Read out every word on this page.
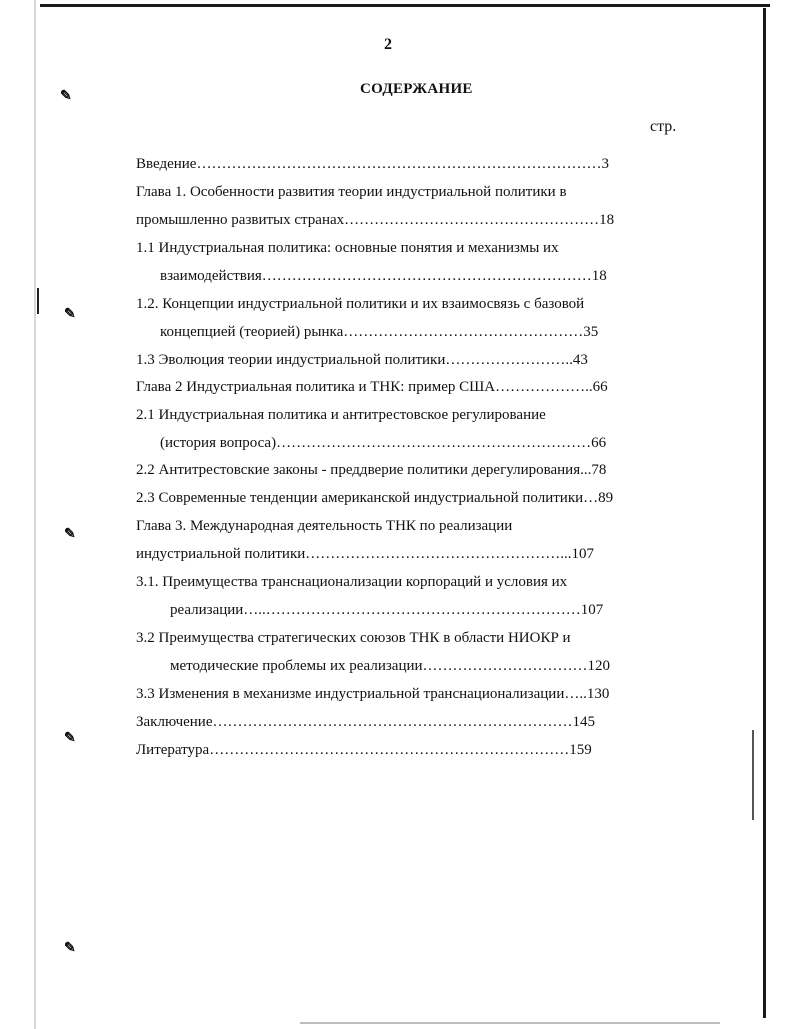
✎
✎
✎
✎
✎
2
СОДЕРЖАНИЕ
стр.
Введение………………………………………………………………………3
Глава 1. Особенности развития теории индустриальной политики в
промышленно развитых странах……………………………………………18
1.1 Индустриальная политика: основные понятия и механизмы их
взаимодействия…………………………………………………………18
1.2. Концепции индустриальной политики и их взаимосвязь с базовой
концепцией (теорией) рынка…………………………………………35
1.3 Эволюция теории индустриальной политики……………………..43
Глава 2 Индустриальная политика и ТНК: пример США………………..66
2.1 Индустриальная политика и антитрестовское регулирование
(история вопроса)………………………………………………………66
2.2 Антитрестовские законы - преддверие политики дерегулирования...78
2.3 Современные тенденции американской индустриальной политики…89
Глава 3. Международная деятельность ТНК по реализации
индустриальной политики……………………………………………...107
3.1. Преимущества транснационализации корпораций и условия их
реализации…..………………………………………………………107
3.2 Преимущества стратегических союзов ТНК в области НИОКР и
методические проблемы их реализации……………………………120
3.3 Изменения в механизме индустриальной транснационализации…..130
Заключение………………………………………………………………145
Литература………………………………………………………………159
